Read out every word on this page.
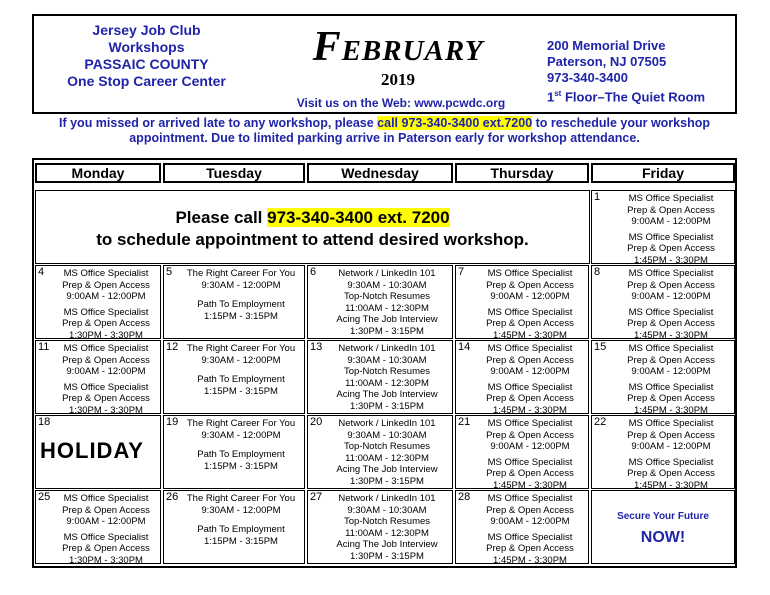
Jersey Job Club
Workshops
PASSAIC COUNTY
One Stop Career Center
February
2019
Visit us on the Web: www.pcwdc.org
200 Memorial Drive
Paterson, NJ 07505
973-340-3400
1st Floor–The Quiet Room
If you missed or arrived late to any workshop, please call 973-340-3400 ext.7200 to reschedule your workshop appointment. Due to limited parking arrive in Paterson early for workshop attendance.
Monday	Tuesday	Wednesday	Thursday	Friday
Please call 973-340-3400 ext. 7200
to schedule appointment to attend desired workshop.
1	MS Office Specialist
Prep & Open Access
9:00AM - 12:00PM
MS Office Specialist
Prep & Open Access
1:45PM - 3:30PM
4	MS Office Specialist
Prep & Open Access
9:00AM - 12:00PM
MS Office Specialist
Prep & Open Access
1:30PM - 3:30PM
5	The Right Career For You
9:30AM - 12:00PM
Path To Employment
1:15PM - 3:15PM
6	Network / LinkedIn 101
9:30AM - 10:30AM
Top-Notch Resumes
11:00AM - 12:30PM
Acing The Job Interview
1:30PM - 3:15PM
7	MS Office Specialist
Prep & Open Access
9:00AM - 12:00PM
MS Office Specialist
Prep & Open Access
1:45PM - 3:30PM
8	MS Office Specialist
Prep & Open Access
9:00AM - 12:00PM
MS Office Specialist
Prep & Open Access
1:45PM - 3:30PM
11	MS Office Specialist
Prep & Open Access
9:00AM - 12:00PM
MS Office Specialist
Prep & Open Access
1:30PM - 3:30PM
12 The Right Career For You
9:30AM - 12:00PM
Path To Employment
1:15PM - 3:15PM
13	Network / LinkedIn 101
9:30AM - 10:30AM
Top-Notch Resumes
11:00AM - 12:30PM
Acing The Job Interview
1:30PM - 3:15PM
14	MS Office Specialist
Prep & Open Access
9:00AM - 12:00PM
MS Office Specialist
Prep & Open Access
1:45PM - 3:30PM
15	MS Office Specialist
Prep & Open Access
9:00AM - 12:00PM
MS Office Specialist
Prep & Open Access
1:45PM - 3:30PM
18
HOLIDAY
19 The Right Career For You
9:30AM - 12:00PM
Path To Employment
1:15PM - 3:15PM
20	Network / LinkedIn 101
9:30AM - 10:30AM
Top-Notch Resumes
11:00AM - 12:30PM
Acing The Job Interview
1:30PM - 3:15PM
21	MS Office Specialist
Prep & Open Access
9:00AM - 12:00PM
MS Office Specialist
Prep & Open Access
1:45PM - 3:30PM
22	MS Office Specialist
Prep & Open Access
9:00AM - 12:00PM
MS Office Specialist
Prep & Open Access
1:45PM - 3:30PM
25	MS Office Specialist
Prep & Open Access
9:00AM - 12:00PM
MS Office Specialist
Prep & Open Access
1:30PM - 3:30PM
26 The Right Career For You
9:30AM - 12:00PM
Path To Employment
1:15PM - 3:15PM
27	Network / LinkedIn 101
9:30AM - 10:30AM
Top-Notch Resumes
11:00AM - 12:30PM
Acing The Job Interview
1:30PM - 3:15PM
28	MS Office Specialist
Prep & Open Access
9:00AM - 12:00PM
MS Office Specialist
Prep & Open Access
1:45PM - 3:30PM
Secure Your Future
NOW!
